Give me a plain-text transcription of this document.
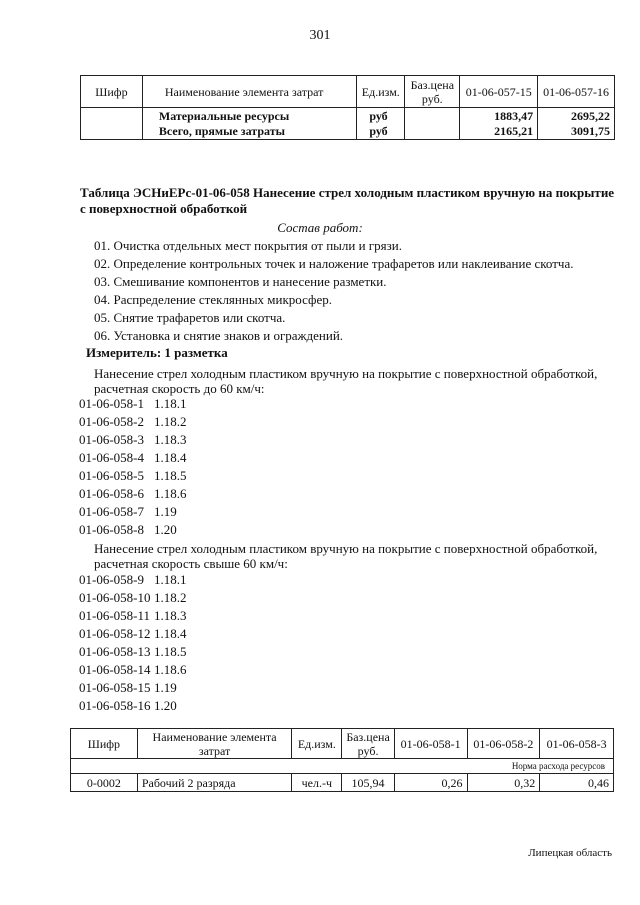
301
Шифр	Наименование элемента затрат	Ед.изм.	Баз.цена руб.	01-06-057-15	01-06-057-16
	Материальные ресурсы	руб		1883,47	2695,22
	Всего, прямые затраты	руб		2165,21	3091,75
Таблица ЭСНиЕРс-01-06-058 Нанесение стрел холодным пластиком вручную на покрытие с поверхностной обработкой
Состав работ:
01. Очистка отдельных мест покрытия от пыли и грязи.
02. Определение контрольных точек и наложение трафаретов или наклеивание скотча.
03. Смешивание компонентов и нанесение разметки.
04. Распределение стеклянных микросфер.
05. Снятие трафаретов или скотча.
06. Установка и снятие знаков и ограждений.
Измеритель: 1 разметка
Нанесение стрел холодным пластиком вручную на покрытие с поверхностной обработкой, расчетная скорость до 60 км/ч:
01-06-058-1 1.18.1
01-06-058-2 1.18.2
01-06-058-3 1.18.3
01-06-058-4 1.18.4
01-06-058-5 1.18.5
01-06-058-6 1.18.6
01-06-058-7 1.19
01-06-058-8 1.20
Нанесение стрел холодным пластиком вручную на покрытие с поверхностной обработкой, расчетная скорость свыше 60 км/ч:
01-06-058-9 1.18.1
01-06-058-10 1.18.2
01-06-058-11 1.18.3
01-06-058-12 1.18.4
01-06-058-13 1.18.5
01-06-058-14 1.18.6
01-06-058-15 1.19
01-06-058-16 1.20
Шифр	Наименование элемента затрат	Ед.изм.	Баз.цена руб.	01-06-058-1	01-06-058-2	01-06-058-3
				Норма расхода ресурсов		
0-0002	Рабочий 2 разряда	чел.-ч	105,94	0,26	0,32	0,46
Липецкая область
